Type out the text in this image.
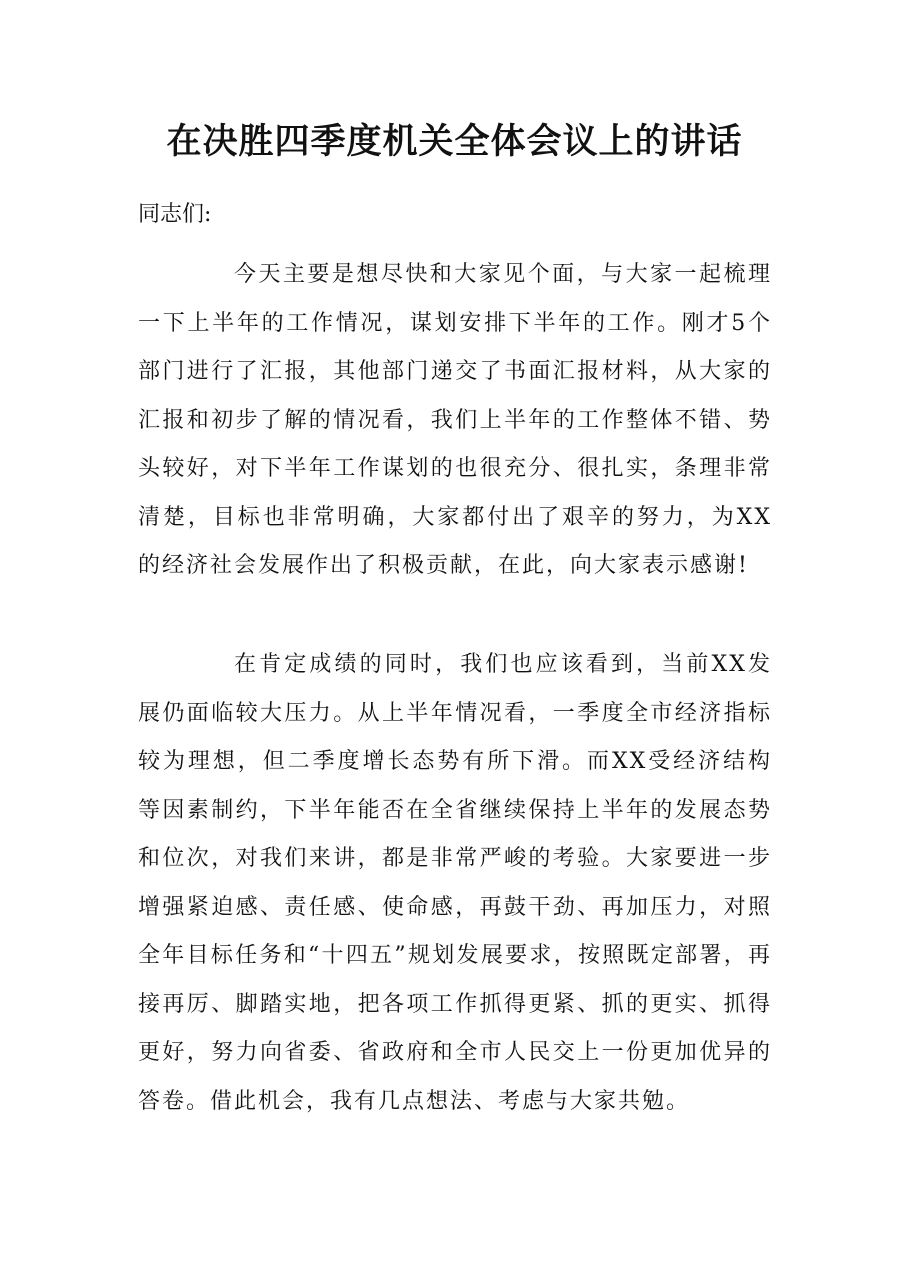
在决胜四季度机关全体会议上的讲话

同志们:

今天主要是想尽快和大家见个面，与大家一起梳理一下上半年的工作情况，谋划安排下半年的工作。刚才5个部门进行了汇报，其他部门递交了书面汇报材料，从大家的汇报和初步了解的情况看，我们上半年的工作整体不错、势头较好，对下半年工作谋划的也很充分、很扎实，条理非常清楚，目标也非常明确，大家都付出了艰辛的努力，为XX的经济社会发展作出了积极贡献，在此，向大家表示感谢!

在肯定成绩的同时，我们也应该看到，当前XX发展仍面临较大压力。从上半年情况看，一季度全市经济指标较为理想，但二季度增长态势有所下滑。而XX受经济结构等因素制约，下半年能否在全省继续保持上半年的发展态势和位次，对我们来讲，都是非常严峻的考验。大家要进一步增强紧迫感、责任感、使命感，再鼓干劲、再加压力，对照全年目标任务和“十四五”规划发展要求，按照既定部署，再接再厉、脚踏实地，把各项工作抓得更紧、抓的更实、抓得更好，努力向省委、省政府和全市人民交上一份更加优异的答卷。借此机会，我有几点想法、考虑与大家共勉。
